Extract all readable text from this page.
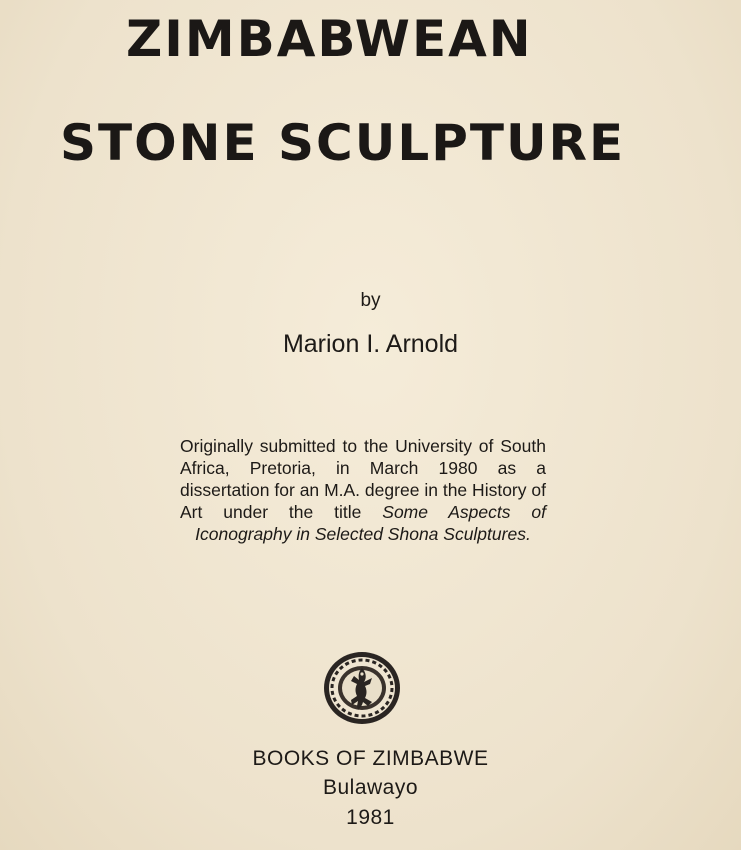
ZIMBABWEAN
STONE SCULPTURE
by
Marion I. Arnold
Originally submitted to the University of South Africa, Pretoria, in March 1980 as a dissertation for an M.A. degree in the History of Art under the title Some Aspects of Iconography in Selected Shona Sculptures.
BOOKS OF ZIMBABWE
Bulawayo
1981
